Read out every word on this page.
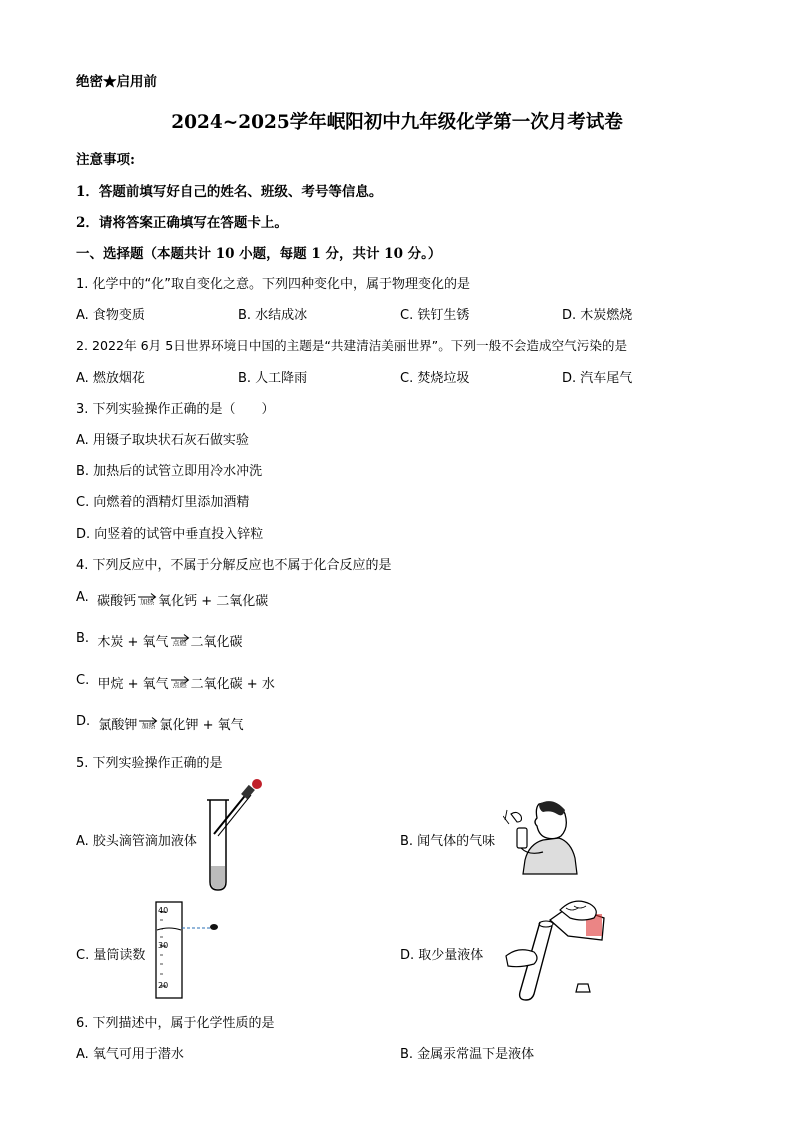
绝密★启用前
2024~2025学年岷阳初中九年级化学第一次月考试卷
注意事项:
1．答题前填写好自己的姓名、班级、考号等信息。
2．请将答案正确填写在答题卡上。
一、选择题（本题共计 10 小题，每题 1 分，共计 10 分。）
1. 化学中的“化”取自变化之意。下列四种变化中，属于物理变化的是
A. 食物变质	B. 水结成冰	C. 铁钉生锈	D. 木炭燃烧
2. 2022年 6月 5日世界环境日中国的主题是“共建清洁美丽世界”。下列一般不会造成空气污染的是
A. 燃放烟花	B. 人工降雨	C. 焚烧垃圾	D. 汽车尾气
3. 下列实验操作正确的是（　　）
A. 用镊子取块状石灰石做实验
B. 加热后的试管立即用冷水冲洗
C. 向燃着的酒精灯里添加酒精
D. 向竖着的试管中垂直投入锌粒
4. 下列反应中，不属于分解反应也不属于化合反应的是
A.
碳酸钙 加热 氧化钙 + 二氧化碳
B.
木炭 + 氧气 点燃 二氧化碳
C.
甲烷 + 氧气 点燃 二氧化碳 + 水
D.
氯酸钾 加热 氯化钾 + 氧气
5. 下列实验操作正确的是
A. 胶头滴管滴加液体	B. 闻气体的气味
C. 量筒读数
40
30
20
D. 取少量液体
6. 下列描述中，属于化学性质的是
A. 氧气可用于潜水	B. 金属汞常温下是液体
